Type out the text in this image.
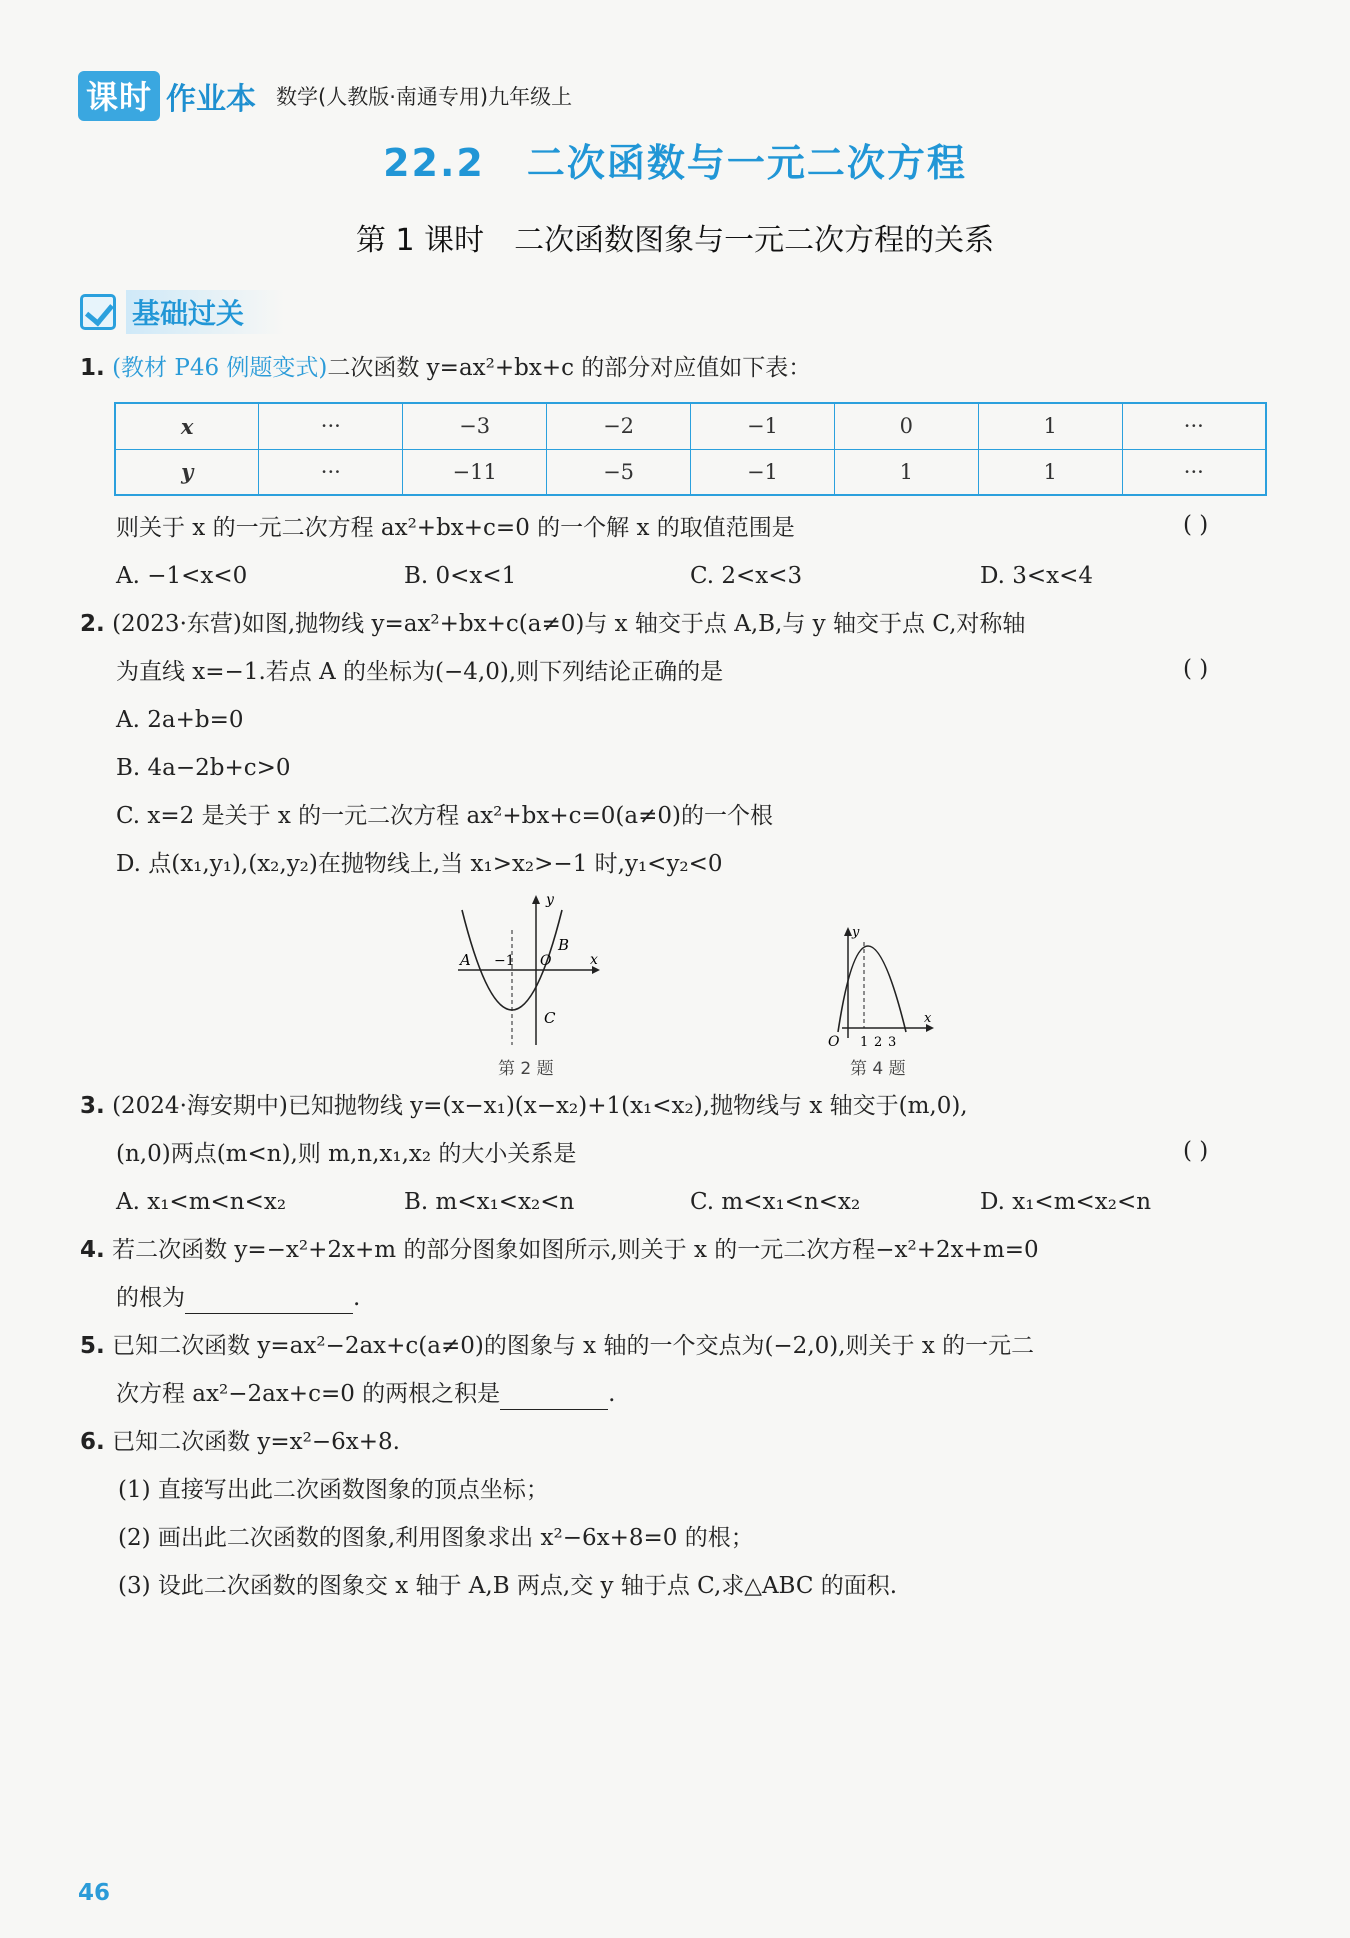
课时 作业本 数学(人教版·南通专用)九年级上
22.2 二次函数与一元二次方程
第 1 课时 二次函数图象与一元二次方程的关系
基础过关
1. (教材 P46 例题变式)二次函数 y=ax²+bx+c 的部分对应值如下表：
x	···	−3	−2	−1	0	1	···
y	···	−11	−5	−1	1	1	···
则关于 x 的一元二次方程 ax²+bx+c=0 的一个解 x 的取值范围是	( )
A. −1<x<0	B. 0<x<1	C. 2<x<3	D. 3<x<4
2. (2023·东营)如图,抛物线 y=ax²+bx+c(a≠0)与 x 轴交于点 A,B,与 y 轴交于点 C,对称轴
为直线 x=−1.若点 A 的坐标为(−4,0),则下列结论正确的是	( )
A. 2a+b=0
B. 4a−2b+c>0
C. x=2 是关于 x 的一元二次方程 ax²+bx+c=0(a≠0)的一个根
D. 点(x₁,y₁),(x₂,y₂)在抛物线上,当 x₁>x₂>−1 时,y₁<y₂<0
A −1 O
B
C
y
x
第 2 题
O 1 2 3
y
x
第 4 题
3. (2024·海安期中)已知抛物线 y=(x−x₁)(x−x₂)+1(x₁<x₂),抛物线与 x 轴交于(m,0),
(n,0)两点(m<n),则 m,n,x₁,x₂ 的大小关系是	( )
A. x₁<m<n<x₂	B. m<x₁<x₂<n	C. m<x₁<n<x₂	D. x₁<m<x₂<n
4. 若二次函数 y=−x²+2x+m 的部分图象如图所示,则关于 x 的一元二次方程−x²+2x+m=0
的根为	.
5. 已知二次函数 y=ax²−2ax+c(a≠0)的图象与 x 轴的一个交点为(−2,0),则关于 x 的一元二
次方程 ax²−2ax+c=0 的两根之积是	.
6. 已知二次函数 y=x²−6x+8.
(1) 直接写出此二次函数图象的顶点坐标；
(2) 画出此二次函数的图象,利用图象求出 x²−6x+8=0 的根；
(3) 设此二次函数的图象交 x 轴于 A,B 两点,交 y 轴于点 C,求△ABC 的面积.
46
